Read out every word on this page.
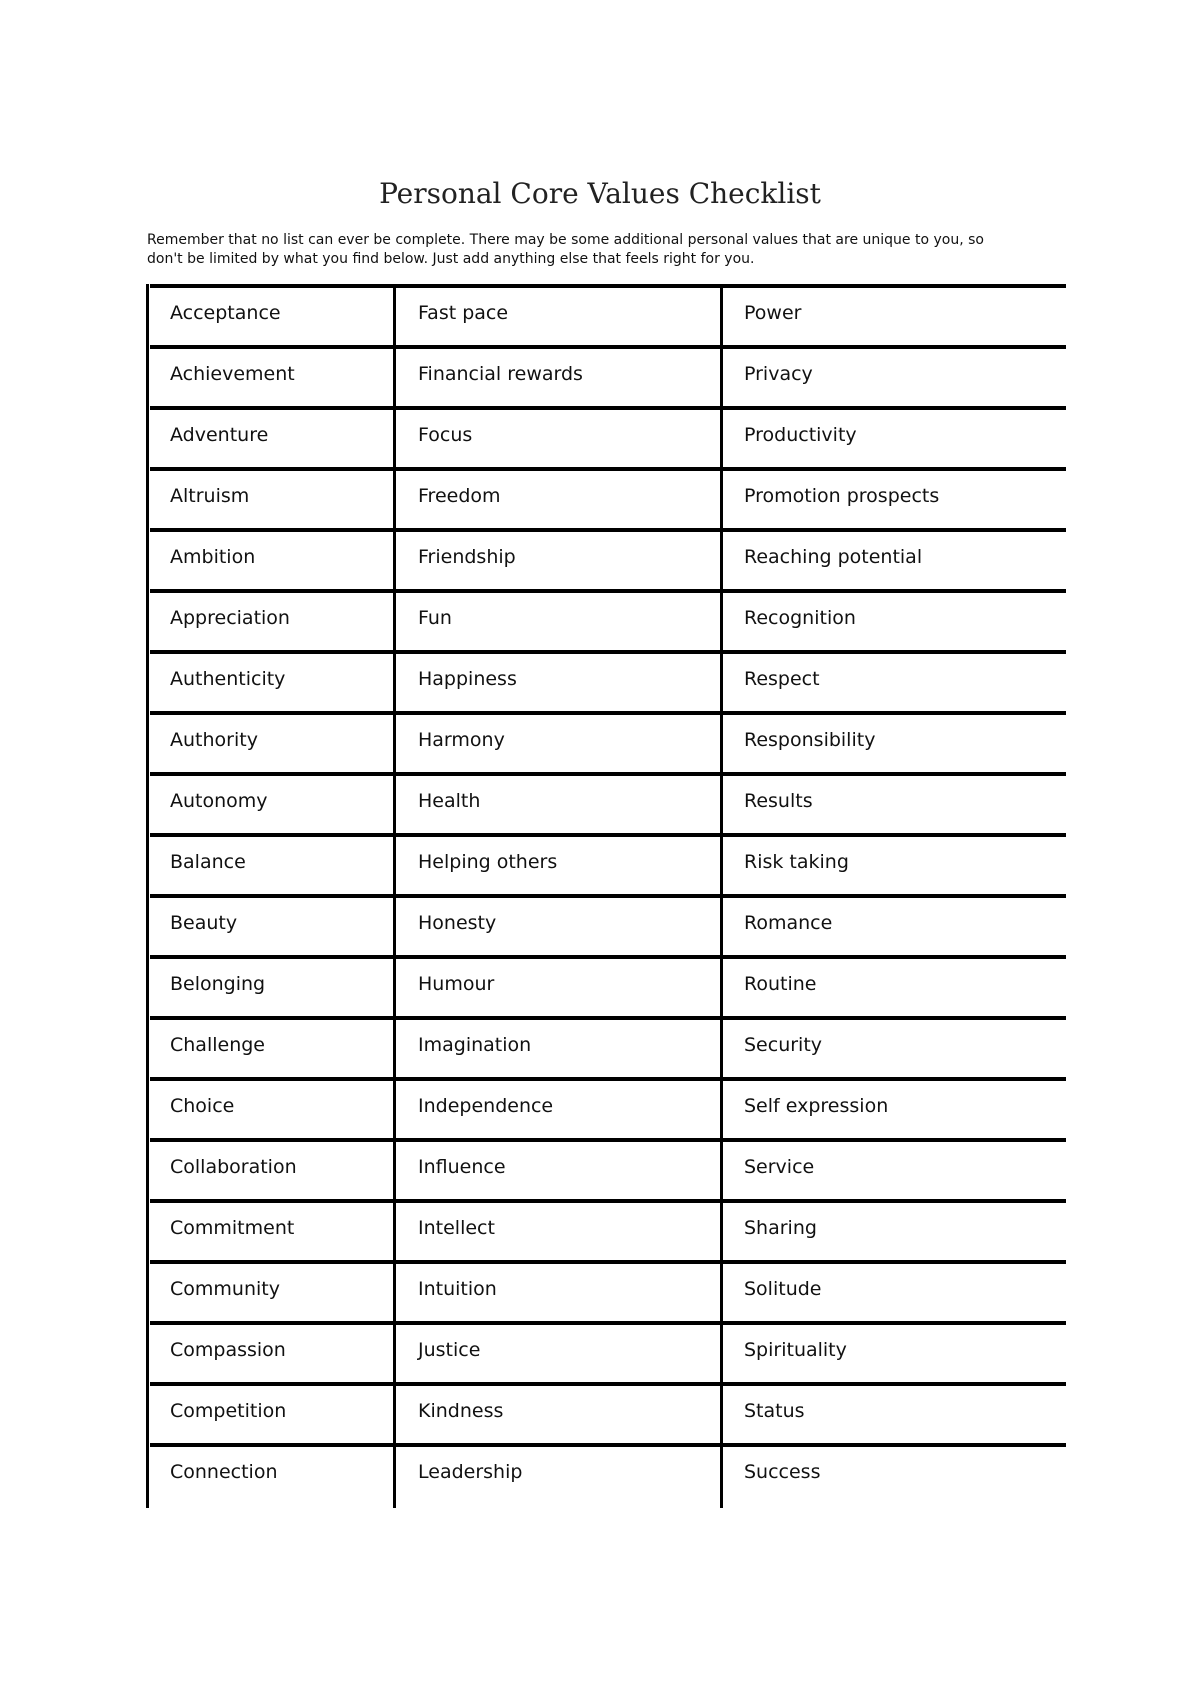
Personal Core Values Checklist
Remember that no list can ever be complete. There may be some additional personal values that are unique to you, so
don't be limited by what you find below. Just add anything else that feels right for you.
Acceptance
Achievement
Adventure
Altruism
Ambition
Appreciation
Authenticity
Authority
Autonomy
Balance
Beauty
Belonging
Challenge
Choice
Collaboration
Commitment
Community
Compassion
Competition
Connection
Fast pace
Financial rewards
Focus
Freedom
Friendship
Fun
Happiness
Harmony
Health
Helping others
Honesty
Humour
Imagination
Independence
Influence
Intellect
Intuition
Justice
Kindness
Leadership
Power
Privacy
Productivity
Promotion prospects
Reaching potential
Recognition
Respect
Responsibility
Results
Risk taking
Romance
Routine
Security
Self expression
Service
Sharing
Solitude
Spirituality
Status
Success
